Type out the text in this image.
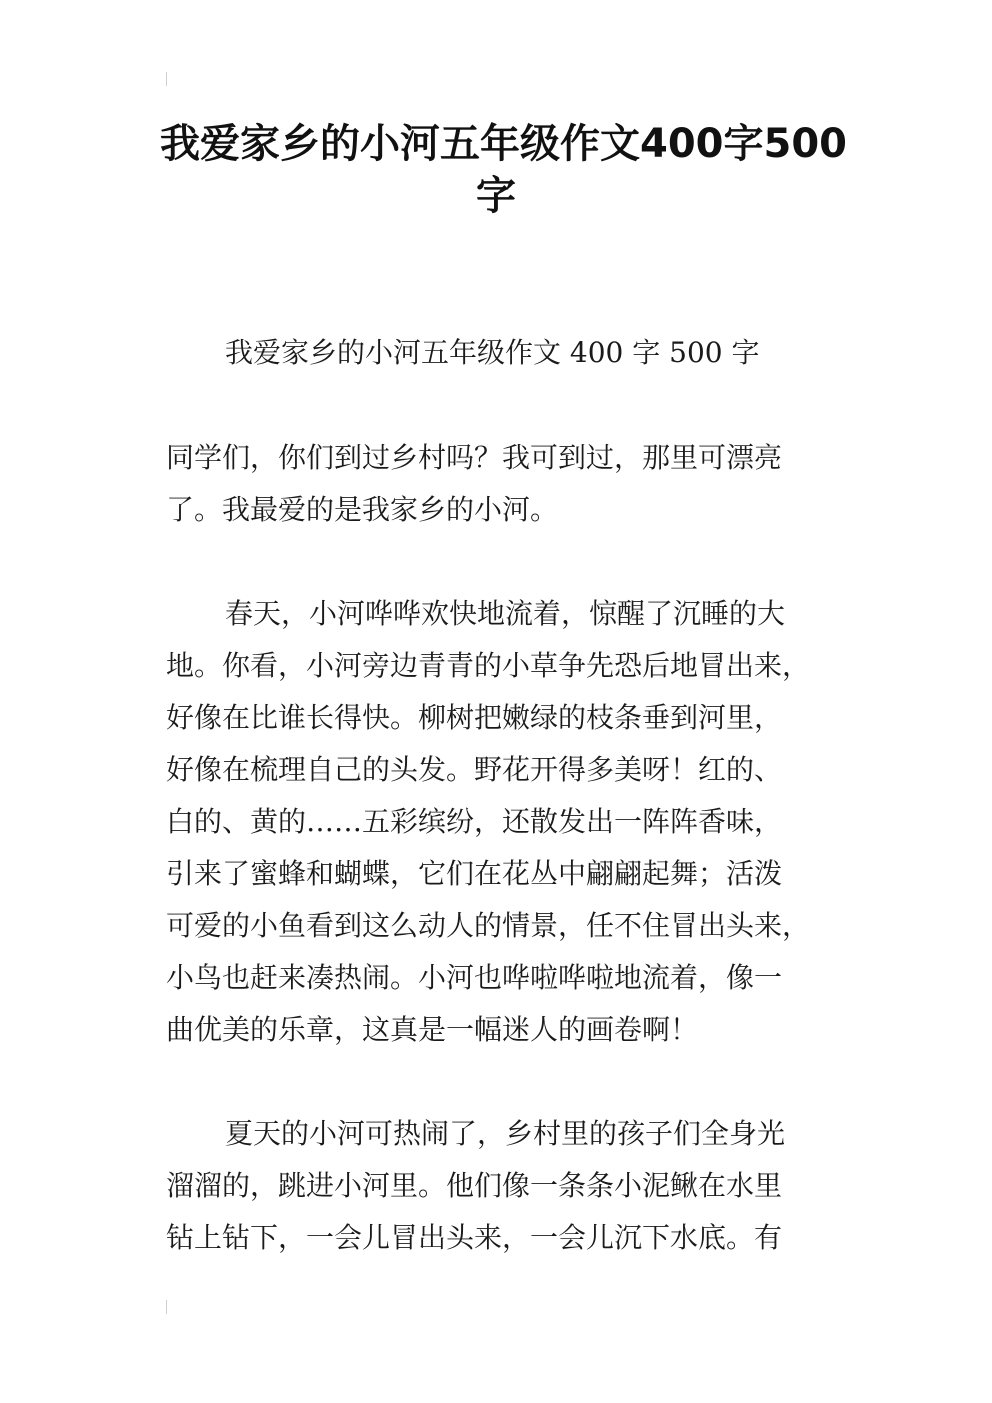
我爱家乡的小河五年级作文400字500
字

我爱家乡的小河五年级作文 400 字 500 字

同学们，你们到过乡村吗？我可到过，那里可漂亮
了。我最爱的是我家乡的小河。
春天，小河哗哗欢快地流着，惊醒了沉睡的大
地。你看，小河旁边青青的小草争先恐后地冒出来，
好像在比谁长得快。柳树把嫩绿的枝条垂到河里，
好像在梳理自己的头发。野花开得多美呀！红的、
白的、黄的……五彩缤纷，还散发出一阵阵香味，
引来了蜜蜂和蝴蝶，它们在花丛中翩翩起舞；活泼
可爱的小鱼看到这么动人的情景，任不住冒出头来，
小鸟也赶来凑热闹。小河也哗啦哗啦地流着，像一
曲优美的乐章，这真是一幅迷人的画卷啊！
夏天的小河可热闹了，乡村里的孩子们全身光
溜溜的，跳进小河里。他们像一条条小泥鳅在水里
钻上钻下，一会儿冒出头来，一会儿沉下水底。有
